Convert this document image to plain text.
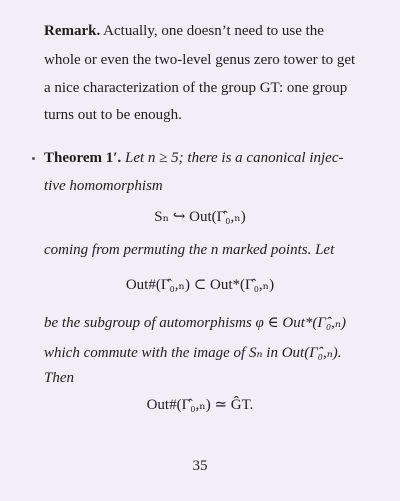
Remark. Actually, one doesn’t need to use the
whole or even the two-level genus zero tower to get
a nice characterization of the group GT: one group
turns out to be enough.
Theorem 1′. Let n ≥ 5; there is a canonical injec-
tive homomorphism
Sₙ ↪ Out(Γ̂₀,ₙ)
coming from permuting the n marked points. Let
Out#(Γ̂₀,ₙ) ⊂ Out*(Γ̂₀,ₙ)
be the subgroup of automorphisms φ ∈ Out*(Γ̂₀,ₙ)
which commute with the image of Sₙ in Out(Γ̂₀,ₙ).
Then
Out#(Γ̂₀,ₙ) ≃ ĜT.
35
